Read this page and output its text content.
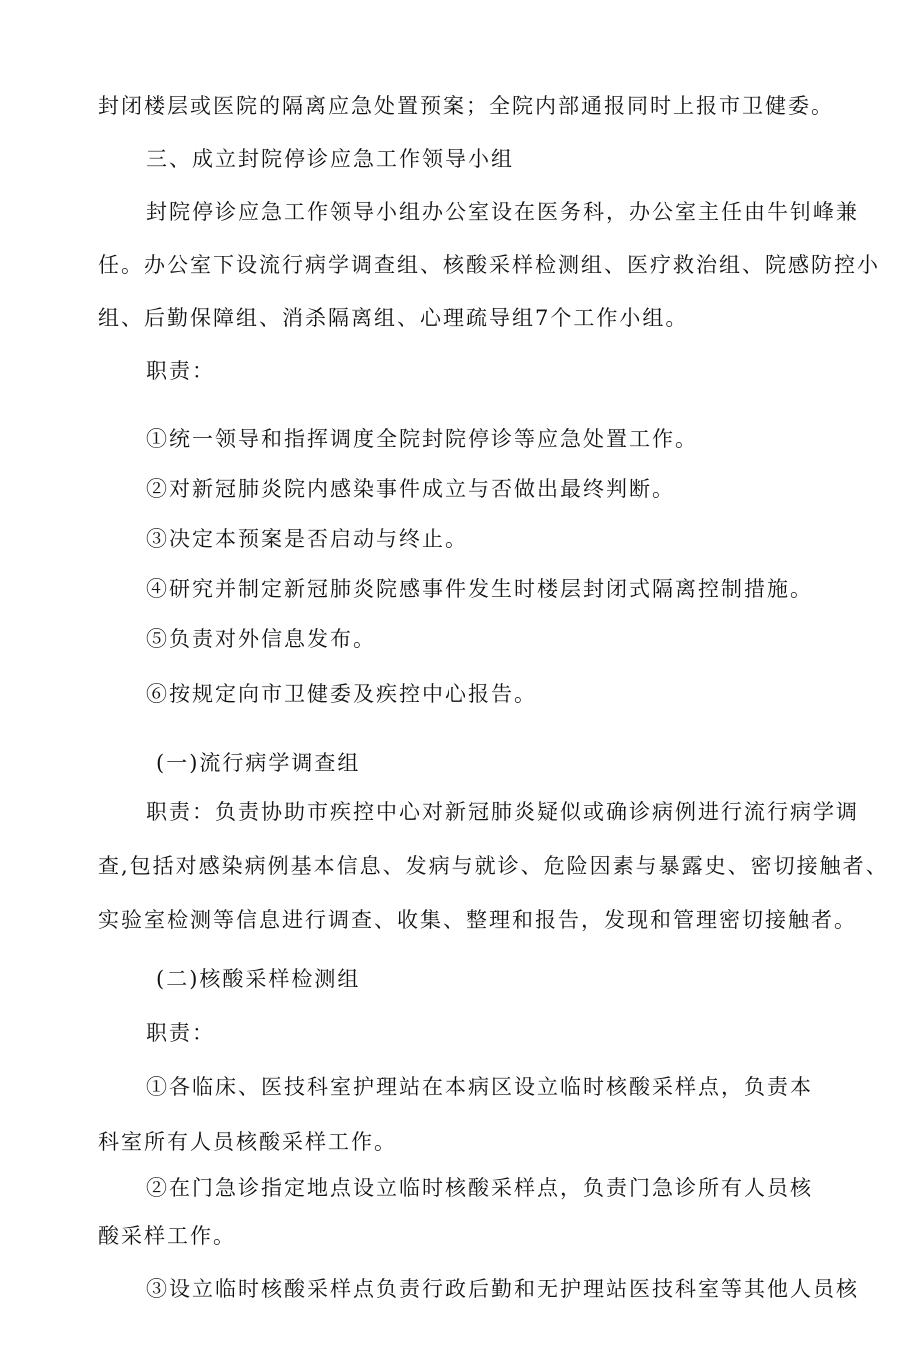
封闭楼层或医院的隔离应急处置预案；全院内部通报同时上报市卫健委。
三、成立封院停诊应急工作领导小组
封院停诊应急工作领导小组办公室设在医务科，办公室主任由牛钊峰兼
任。办公室下设流行病学调查组、核酸采样检测组、医疗救治组、院感防控小
组、后勤保障组、消杀隔离组、心理疏导组7个工作小组。
职责：
①统一领导和指挥调度全院封院停诊等应急处置工作。
②对新冠肺炎院内感染事件成立与否做出最终判断。
③决定本预案是否启动与终止。
④研究并制定新冠肺炎院感事件发生时楼层封闭式隔离控制措施。
⑤负责对外信息发布。
⑥按规定向市卫健委及疾控中心报告。
(一)流行病学调查组
职责：负责协助市疾控中心对新冠肺炎疑似或确诊病例进行流行病学调
查,包括对感染病例基本信息、发病与就诊、危险因素与暴露史、密切接触者、
实验室检测等信息进行调查、收集、整理和报告，发现和管理密切接触者。
(二)核酸采样检测组
职责：
①各临床、医技科室护理站在本病区设立临时核酸采样点，负责本
科室所有人员核酸采样工作。
②在门急诊指定地点设立临时核酸采样点，负责门急诊所有人员核
酸采样工作。
③设立临时核酸采样点负责行政后勤和无护理站医技科室等其他人员核
